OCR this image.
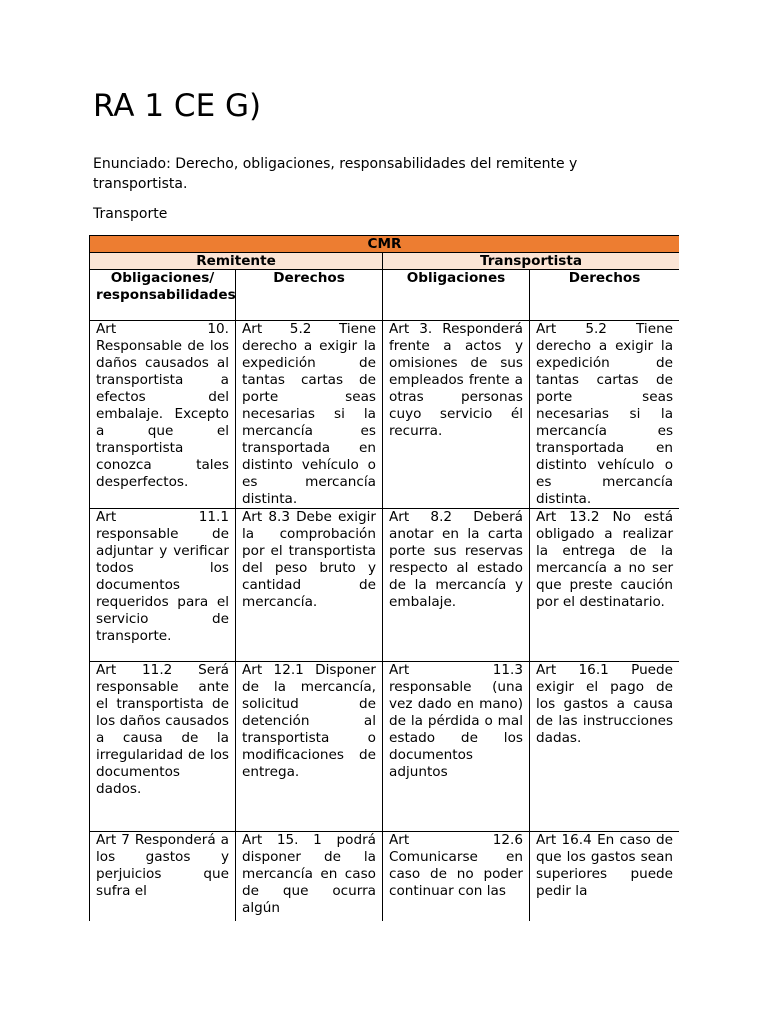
RA 1 CE G)

Enunciado: Derecho, obligaciones, responsabilidades del remitente y transportista.

Transporte

CMR			
Remitente		Transportista	
Obligaciones/ responsabilidades	Derechos	Obligaciones	Derechos
Art 10. Responsable de los daños causados al transportista a efectos del embalaje. Excepto a que el transportista conozca tales desperfectos.	Art 5.2 Tiene derecho a exigir la expedición de tantas cartas de porte seas necesarias si la mercancía es transportada en distinto vehículo o es mercancía distinta.	Art 3. Responderá frente a actos y omisiones de sus empleados frente a otras personas cuyo servicio él recurra.	Art 5.2 Tiene derecho a exigir la expedición de tantas cartas de porte seas necesarias si la mercancía es transportada en distinto vehículo o es mercancía distinta.
Art 11.1 responsable de adjuntar y verificar todos los documentos requeridos para el servicio de transporte.	Art 8.3 Debe exigir la comprobación por el transportista del peso bruto y cantidad de mercancía.	Art 8.2 Deberá anotar en la carta porte sus reservas respecto al estado de la mercancía y embalaje.	Art 13.2 No está obligado a realizar la entrega de la mercancía a no ser que preste caución por el destinatario.
Art 11.2 Será responsable ante el transportista de los daños causados a causa de la irregularidad de los documentos dados.	Art 12.1 Disponer de la mercancía, solicitud de detención al transportista o modificaciones de entrega.	Art 11.3 responsable (una vez dado en mano) de la pérdida o mal estado de los documentos adjuntos	Art 16.1 Puede exigir el pago de los gastos a causa de las instrucciones dadas.
Art 7 Responderá a los gastos y perjuicios que sufra el	Art 15. 1 podrá disponer de la mercancía en caso de que ocurra algún	Art 12.6 Comunicarse en caso de no poder continuar con las	Art 16.4 En caso de que los gastos sean superiores puede pedir la
